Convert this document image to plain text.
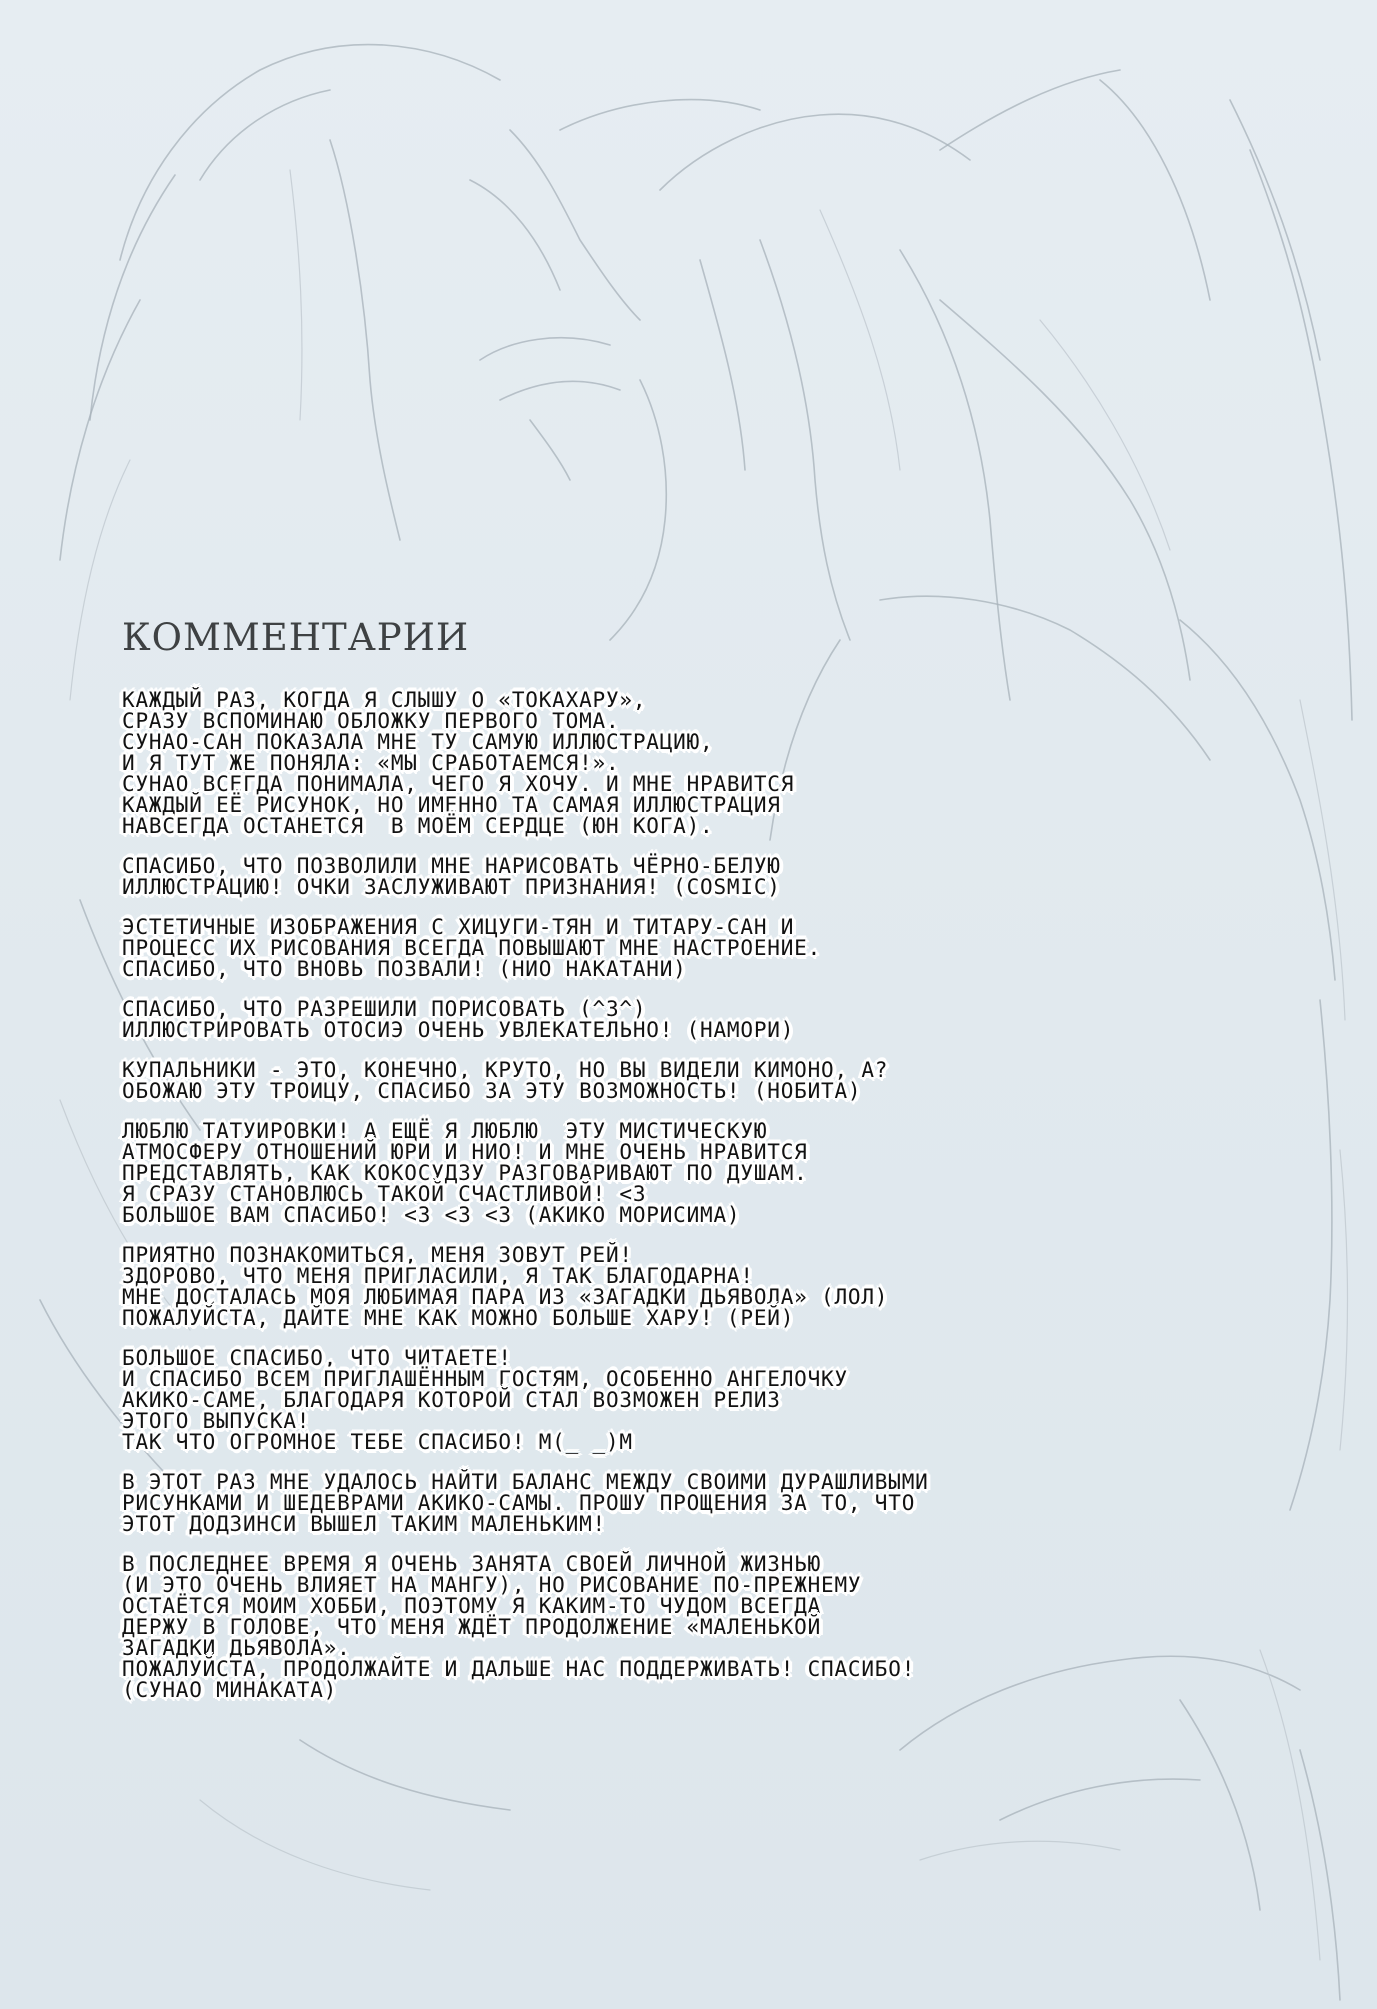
КОММЕНТАРИИ
КАЖДЫЙ РАЗ, КОГДА Я СЛЫШУ О «ТОКАХАРУ»,
СРАЗУ ВСПОМИНАЮ ОБЛОЖКУ ПЕРВОГО ТОМА.
СУНАО-САН ПОКАЗАЛА МНЕ ТУ САМУЮ ИЛЛЮСТРАЦИЮ,
И Я ТУТ ЖЕ ПОНЯЛА: «МЫ СРАБОТАЕМСЯ!».
СУНАО ВСЕГДА ПОНИМАЛА, ЧЕГО Я ХОЧУ. И МНЕ НРАВИТСЯ
КАЖДЫЙ ЕЁ РИСУНОК, НО ИМЕННО ТА САМАЯ ИЛЛЮСТРАЦИЯ
НАВСЕГДА ОСТАНЕТСЯ  В МОЁМ СЕРДЦЕ (ЮН КОГА).
СПАСИБО, ЧТО ПОЗВОЛИЛИ МНЕ НАРИСОВАТЬ ЧЁРНО-БЕЛУЮ
ИЛЛЮСТРАЦИЮ! ОЧКИ ЗАСЛУЖИВАЮТ ПРИЗНАНИЯ! (COSMIC)
ЭСТЕТИЧНЫЕ ИЗОБРАЖЕНИЯ С ХИЦУГИ-ТЯН И ТИТАРУ-САН И
ПРОЦЕСС ИХ РИСОВАНИЯ ВСЕГДА ПОВЫШАЮТ МНЕ НАСТРОЕНИЕ.
СПАСИБО, ЧТО ВНОВЬ ПОЗВАЛИ! (НИО НАКАТАНИ)
СПАСИБО, ЧТО РАЗРЕШИЛИ ПОРИСОВАТЬ (^3^)
ИЛЛЮСТРИРОВАТЬ ОТОСИЭ ОЧЕНЬ УВЛЕКАТЕЛЬНО! (НАМОРИ)
КУПАЛЬНИКИ - ЭТО, КОНЕЧНО, КРУТО, НО ВЫ ВИДЕЛИ КИМОНО, А?
ОБОЖАЮ ЭТУ ТРОИЦУ, СПАСИБО ЗА ЭТУ ВОЗМОЖНОСТЬ! (НОБИТА)
ЛЮБЛЮ ТАТУИРОВКИ! А ЕЩЁ Я ЛЮБЛЮ  ЭТУ МИСТИЧЕСКУЮ
АТМОСФЕРУ ОТНОШЕНИЙ ЮРИ И НИО! И МНЕ ОЧЕНЬ НРАВИТСЯ
ПРЕДСТАВЛЯТЬ, КАК КОКОСУДЗУ РАЗГОВАРИВАЮТ ПО ДУШАМ.
Я СРАЗУ СТАНОВЛЮСЬ ТАКОЙ СЧАСТЛИВОЙ! <3
БОЛЬШОЕ ВАМ СПАСИБО! <3 <3 <3 (АКИКО МОРИСИМА)
ПРИЯТНО ПОЗНАКОМИТЬСЯ, МЕНЯ ЗОВУТ РЕЙ!
ЗДОРОВО, ЧТО МЕНЯ ПРИГЛАСИЛИ, Я ТАК БЛАГОДАРНА!
МНЕ ДОСТАЛАСЬ МОЯ ЛЮБИМАЯ ПАРА ИЗ «ЗАГАДКИ ДЬЯВОЛА» (ЛОЛ)
ПОЖАЛУЙСТА, ДАЙТЕ МНЕ КАК МОЖНО БОЛЬШЕ ХАРУ! (РЕЙ)
БОЛЬШОЕ СПАСИБО, ЧТО ЧИТАЕТЕ!
И СПАСИБО ВСЕМ ПРИГЛАШЁННЫМ ГОСТЯМ, ОСОБЕННО АНГЕЛОЧКУ
АКИКО-САМЕ, БЛАГОДАРЯ КОТОРОЙ СТАЛ ВОЗМОЖЕН РЕЛИЗ
ЭТОГО ВЫПУСКА!
ТАК ЧТО ОГРОМНОЕ ТЕБЕ СПАСИБО! M(_ _)M
В ЭТОТ РАЗ МНЕ УДАЛОСЬ НАЙТИ БАЛАНС МЕЖДУ СВОИМИ ДУРАШЛИВЫМИ
РИСУНКАМИ И ШЕДЕВРАМИ АКИКО-САМЫ. ПРОШУ ПРОЩЕНИЯ ЗА ТО, ЧТО
ЭТОТ ДОДЗИНСИ ВЫШЕЛ ТАКИМ МАЛЕНЬКИМ!
В ПОСЛЕДНЕЕ ВРЕМЯ Я ОЧЕНЬ ЗАНЯТА СВОЕЙ ЛИЧНОЙ ЖИЗНЬЮ
(И ЭТО ОЧЕНЬ ВЛИЯЕТ НА МАНГУ), НО РИСОВАНИЕ ПО-ПРЕЖНЕМУ
ОСТАЁТСЯ МОИМ ХОББИ, ПОЭТОМУ Я КАКИМ-ТО ЧУДОМ ВСЕГДА
ДЕРЖУ В ГОЛОВЕ, ЧТО МЕНЯ ЖДЁТ ПРОДОЛЖЕНИЕ «МАЛЕНЬКОЙ
ЗАГАДКИ ДЬЯВОЛА».
ПОЖАЛУЙСТА, ПРОДОЛЖАЙТЕ И ДАЛЬШЕ НАС ПОДДЕРЖИВАТЬ! СПАСИБО!
(СУНАО МИНАКАТА)
